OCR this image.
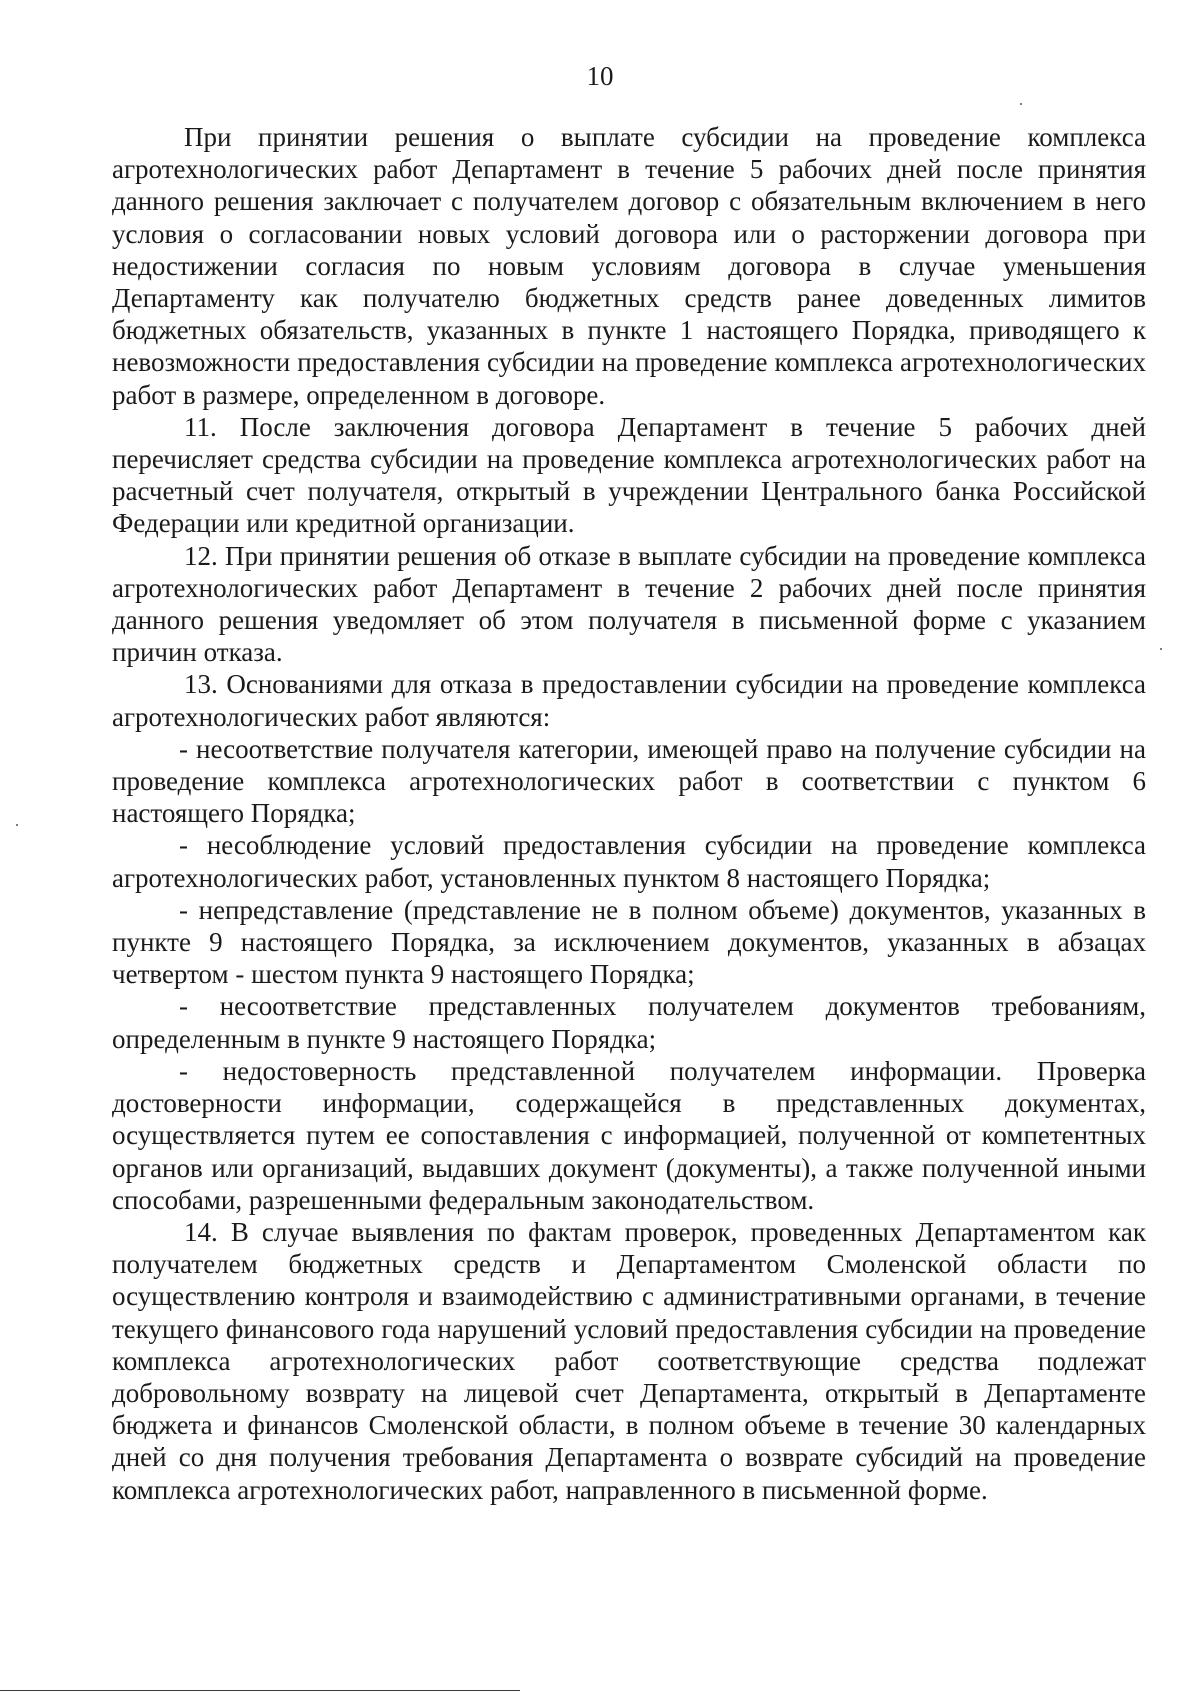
10

При принятии решения о выплате субсидии на проведение комплекса агротехнологических работ Департамент в течение 5 рабочих дней после принятия данного решения заключает с получателем договор с обязательным включением в него условия о согласовании новых условий договора или о расторжении договора при недостижении согласия по новым условиям договора в случае уменьшения Департаменту как получателю бюджетных средств ранее доведенных лимитов бюджетных обязательств, указанных в пункте 1 настоящего Порядка, приводящего к невозможности предоставления субсидии на проведение комплекса агротехнологических работ в размере, определенном в договоре.

11. После заключения договора Департамент в течение 5 рабочих дней перечисляет средства субсидии на проведение комплекса агротехнологических работ на расчетный счет получателя, открытый в учреждении Центрального банка Российской Федерации или кредитной организации.

12. При принятии решения об отказе в выплате субсидии на проведение комплекса агротехнологических работ Департамент в течение 2 рабочих дней после принятия данного решения уведомляет об этом получателя в письменной форме с указанием причин отказа.

13. Основаниями для отказа в предоставлении субсидии на проведение комплекса агротехнологических работ являются:

- несоответствие получателя категории, имеющей право на получение субсидии на проведение комплекса агротехнологических работ в соответствии с пунктом 6 настоящего Порядка;

- несоблюдение условий предоставления субсидии на проведение комплекса агротехнологических работ, установленных пунктом 8 настоящего Порядка;

- непредставление (представление не в полном объеме) документов, указанных в пункте 9 настоящего Порядка, за исключением документов, указанных в абзацах четвертом - шестом пункта 9 настоящего Порядка;

- несоответствие представленных получателем документов требованиям, определенным в пункте 9 настоящего Порядка;

- недостоверность представленной получателем информации. Проверка достоверности информации, содержащейся в представленных документах, осуществляется путем ее сопоставления с информацией, полученной от компетентных органов или организаций, выдавших документ (документы), а также полученной иными способами, разрешенными федеральным законодательством.

14. В случае выявления по фактам проверок, проведенных Департаментом как получателем бюджетных средств и Департаментом Смоленской области по осуществлению контроля и взаимодействию с административными органами, в течение текущего финансового года нарушений условий предоставления субсидии на проведение комплекса агротехнологических работ соответствующие средства подлежат добровольному возврату на лицевой счет Департамента, открытый в Департаменте бюджета и финансов Смоленской области, в полном объеме в течение 30 календарных дней со дня получения требования Департамента о возврате субсидий на проведение комплекса агротехнологических работ, направленного в письменной форме.
